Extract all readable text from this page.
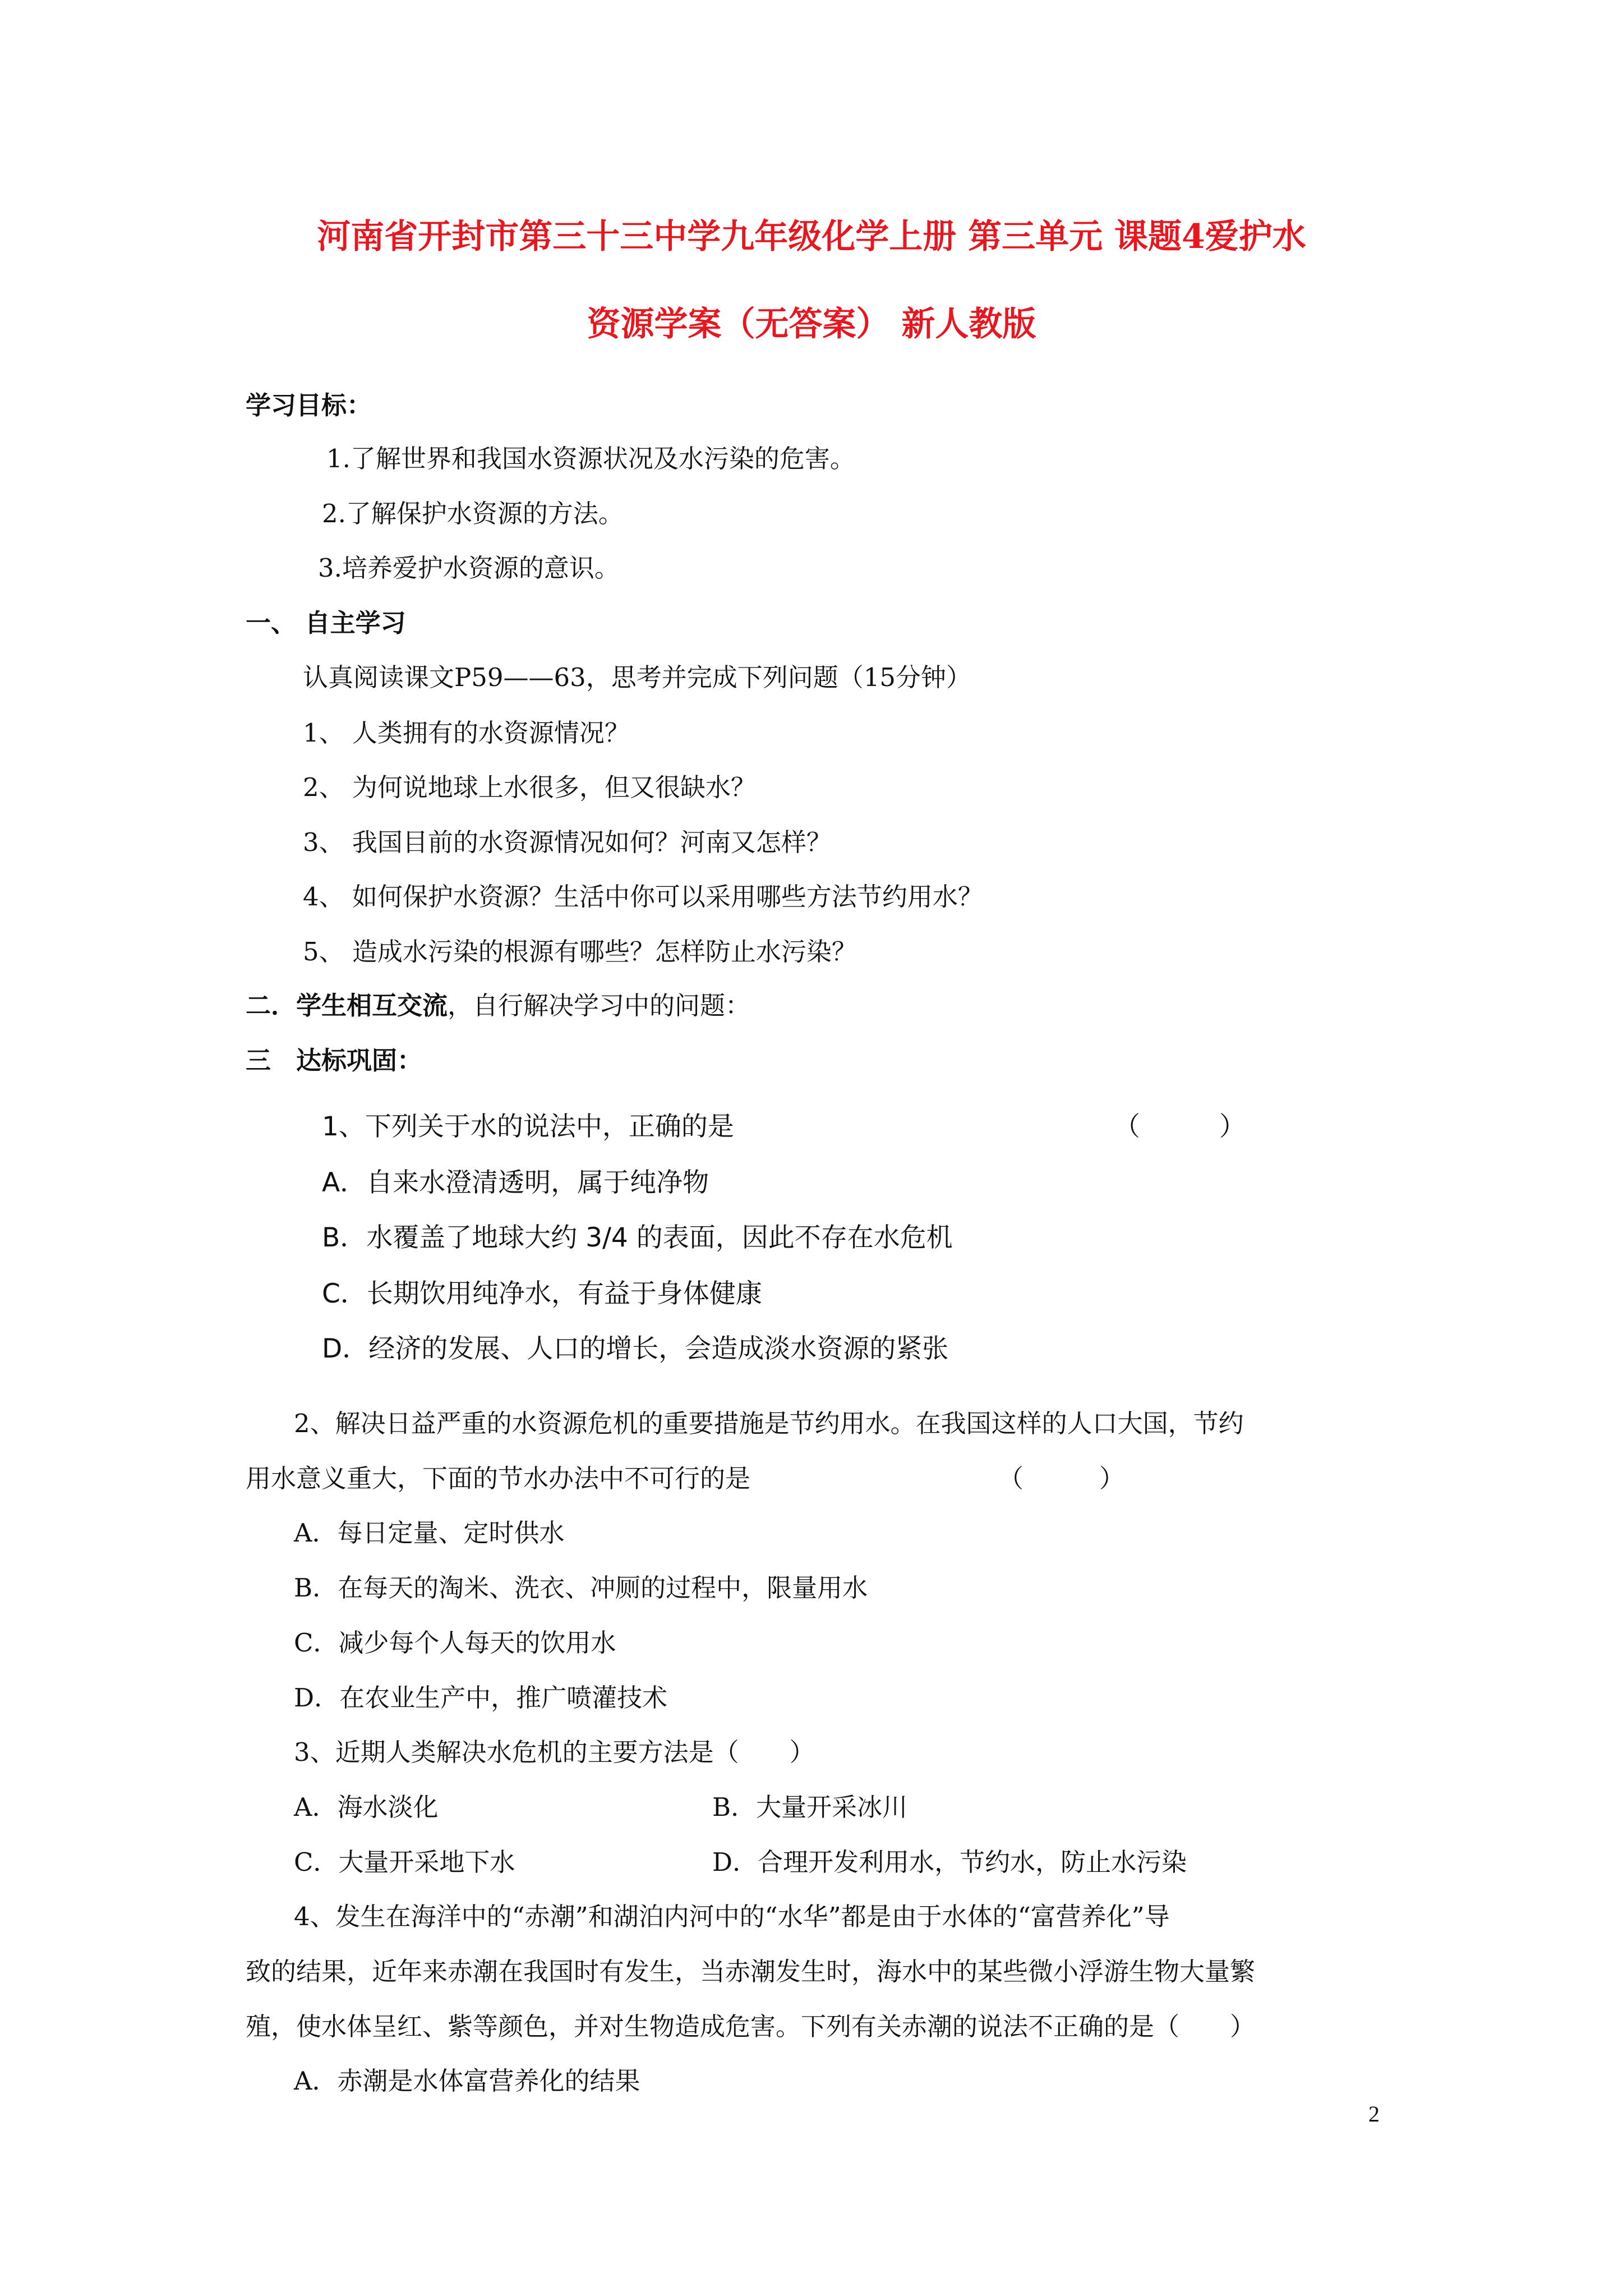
河南省开封市第三十三中学九年级化学上册 第三单元 课题4爱护水
资源学案（无答案） 新人教版
学习目标：
1.了解世界和我国水资源状况及水污染的危害。
2.了解保护水资源的方法。
3.培养爱护水资源的意识。
一、 自主学习
认真阅读课文P59——63，思考并完成下列问题（15分钟）
1、 人类拥有的水资源情况？
2、 为何说地球上水很多，但又很缺水？
3、 我国目前的水资源情况如何？河南又怎样？
4、 如何保护水资源？生活中你可以采用哪些方法节约用水？
5、 造成水污染的根源有哪些？怎样防止水污染？
二．学生相互交流，自行解决学习中的问题：
三　达标巩固：
1、下列关于水的说法中，正确的是	（　　　）
A．自来水澄清透明，属于纯净物
B．水覆盖了地球大约 3/4 的表面，因此不存在水危机
C．长期饮用纯净水，有益于身体健康
D．经济的发展、人口的增长，会造成淡水资源的紧张
2、解决日益严重的水资源危机的重要措施是节约用水。在我国这样的人口大国，节约
用水意义重大，下面的节水办法中不可行的是	（　　　）
A．每日定量、定时供水
B．在每天的淘米、洗衣、冲厕的过程中，限量用水
C．减少每个人每天的饮用水
D．在农业生产中，推广喷灌技术
3、近期人类解决水危机的主要方法是（　　）
A．海水淡化	B．大量开采冰川
C．大量开采地下水	D．合理开发利用水，节约水，防止水污染
4、发生在海洋中的“赤潮”和湖泊内河中的“水华”都是由于水体的“富营养化”导
致的结果，近年来赤潮在我国时有发生，当赤潮发生时，海水中的某些微小浮游生物大量繁
殖，使水体呈红、紫等颜色，并对生物造成危害。下列有关赤潮的说法不正确的是（　　）
A．赤潮是水体富营养化的结果
2
